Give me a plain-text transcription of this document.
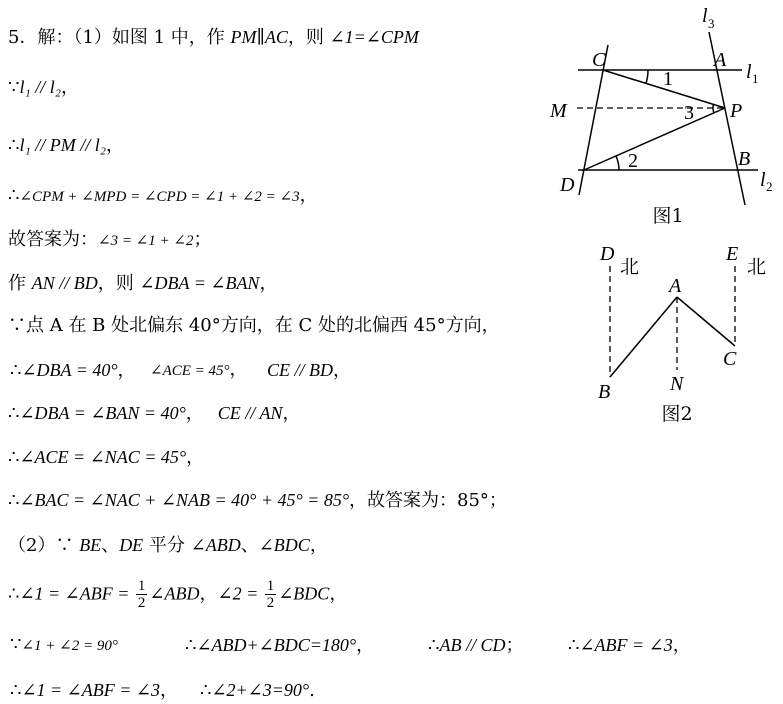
5．解：（1）如图 1 中，作 PM∥AC，则 ∠1=∠CPM
∵l₁ // l₂，
∴l₁ // PM // l₂，
∴∠CPM + ∠MPD = ∠CPD = ∠1 + ∠2 = ∠3，
故答案为：∠3 = ∠1 + ∠2；
作 AN // BD，则 ∠DBA = ∠BAN，
∵点 A 在 B 处北偏东 40°方向，在 C 处的北偏西 45°方向，
∴∠DBA = 40°， ∠ACE = 45°， CE // BD，
∴∠DBA = ∠BAN = 40°， CE // AN，
∴∠ACE = ∠NAC = 45°，
∴∠BAC = ∠NAC + ∠NAB = 40° + 45° = 85°，故答案为：85°；
（2）∵ BE、DE 平分 ∠ABD、∠BDC，
∴∠1 = ∠ABF = $\frac{1}{2}$ ∠ABD，∠2 = $\frac{1}{2}$ ∠BDC，
∵∠1 + ∠2 = 90°	∴∠ABD+∠BDC=180°，	∴AB // CD； ∴∠ABF = ∠3，
∴∠1 = ∠ABF = ∠3， ∴∠2+∠3=90°.
l 3
C	A
l 1
1
M	3 P
2	B
l 2
D
图1
D
北
E
北
A
B	N
C
图2
